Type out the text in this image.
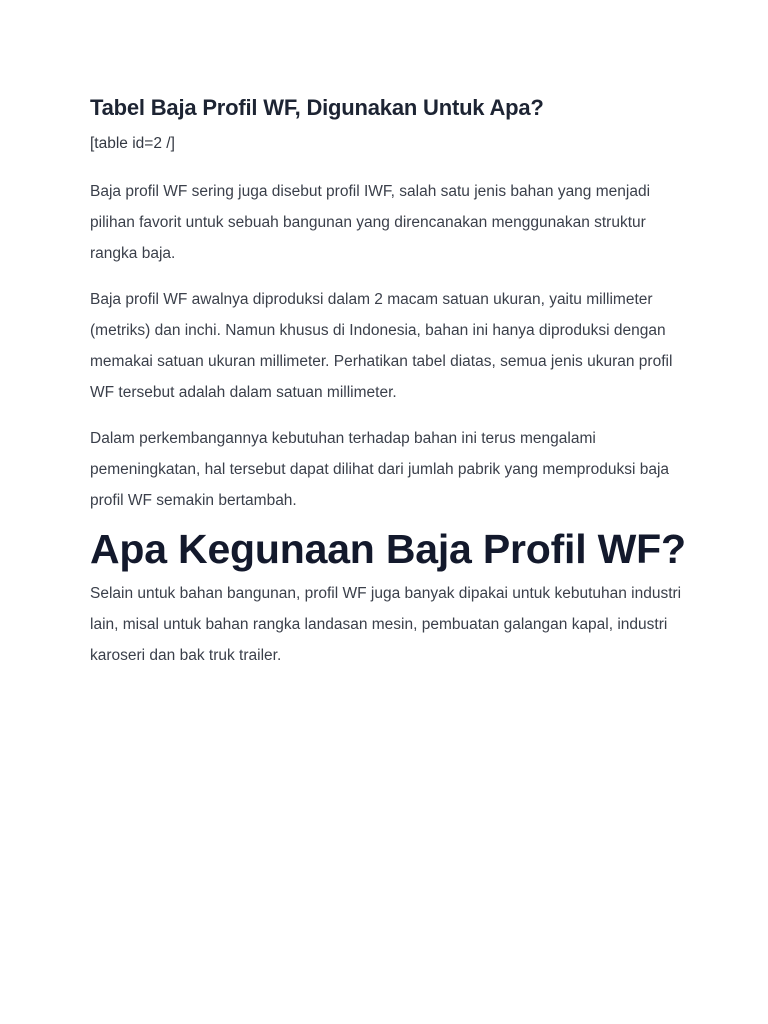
Tabel Baja Profil WF, Digunakan Untuk Apa?

[table id=2 /]

Baja profil WF sering juga disebut profil IWF, salah satu jenis bahan yang menjadi pilihan favorit untuk sebuah bangunan yang direncanakan menggunakan struktur rangka baja.

Baja profil WF awalnya diproduksi dalam 2 macam satuan ukuran, yaitu millimeter (metriks) dan inchi. Namun khusus di Indonesia, bahan ini hanya diproduksi dengan memakai satuan ukuran millimeter. Perhatikan tabel diatas, semua jenis ukuran profil WF tersebut adalah dalam satuan millimeter.

Dalam perkembangannya kebutuhan terhadap bahan ini terus mengalami pemeningkatan, hal tersebut dapat dilihat dari jumlah pabrik yang memproduksi baja profil WF semakin bertambah.

Apa Kegunaan Baja Profil WF?

Selain untuk bahan bangunan, profil WF juga banyak dipakai untuk kebutuhan industri lain, misal untuk bahan rangka landasan mesin, pembuatan galangan kapal, industri karoseri dan bak truk trailer.
